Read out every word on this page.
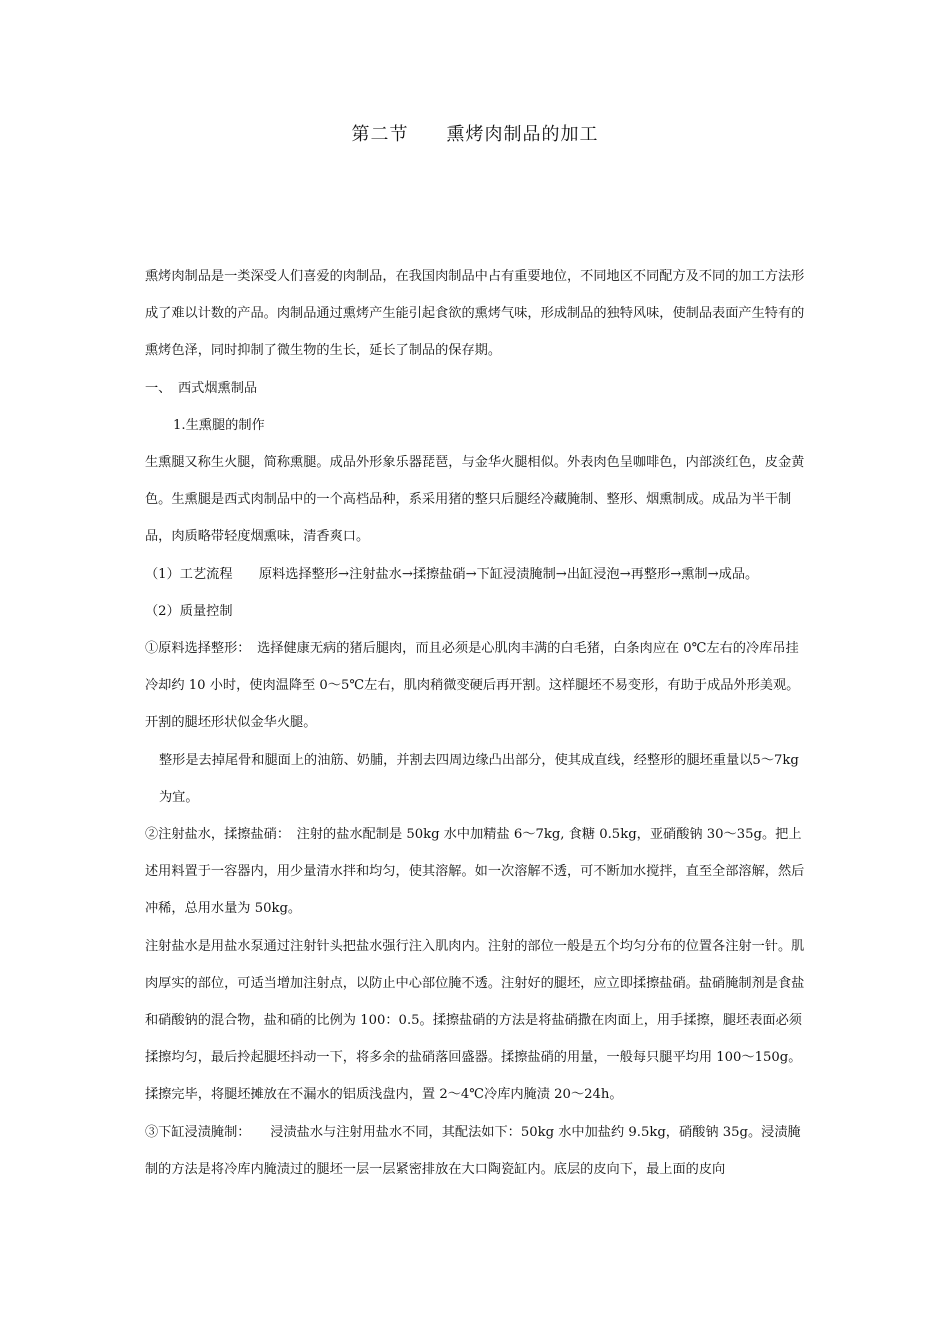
第二节　　熏烤肉制品的加工

熏烤肉制品是一类深受人们喜爱的肉制品，在我国肉制品中占有重要地位，不同地区不同配方及不同的加工方法形成了难以计数的产品。肉制品通过熏烤产生能引起食欲的熏烤气味，形成制品的独特风味，使制品表面产生特有的熏烤色泽，同时抑制了微生物的生长，延长了制品的保存期。

一、　西式烟熏制品

1.生熏腿的制作

生熏腿又称生火腿，简称熏腿。成品外形象乐器琵琶，与金华火腿相似。外表肉色呈咖啡色，内部淡红色，皮金黄色。生熏腿是西式肉制品中的一个高档品种，系采用猪的整只后腿经冷藏腌制、整形、烟熏制成。成品为半干制品，肉质略带轻度烟熏味，清香爽口。

（1）工艺流程　　原料选择整形→注射盐水→揉擦盐硝→下缸浸渍腌制→出缸浸泡→再整形→熏制→成品。

（2）质量控制

①原料选择整形：　选择健康无病的猪后腿肉，而且必须是心肌肉丰满的白毛猪，白条肉应在 0℃左右的冷库吊挂冷却约 10 小时，使肉温降至 0～5℃左右，肌肉稍微变硬后再开割。这样腿坯不易变形，有助于成品外形美观。开割的腿坯形状似金华火腿。

整形是去掉尾骨和腿面上的油筋、奶脯，并割去四周边缘凸出部分，使其成直线，经整形的腿坯重量以5～7kg 为宜。

②注射盐水，揉擦盐硝：　注射的盐水配制是 50kg 水中加精盐 6～7kg, 食糖 0.5kg，亚硝酸钠 30～35g。把上述用料置于一容器内，用少量清水拌和均匀，使其溶解。如一次溶解不透，可不断加水搅拌，直至全部溶解，然后冲稀，总用水量为 50kg。

注射盐水是用盐水泵通过注射针头把盐水强行注入肌肉内。注射的部位一般是五个均匀分布的位置各注射一针。肌肉厚实的部位，可适当增加注射点，以防止中心部位腌不透。注射好的腿坯，应立即揉擦盐硝。盐硝腌制剂是食盐和硝酸钠的混合物，盐和硝的比例为 100：0.5。揉擦盐硝的方法是将盐硝撒在肉面上，用手揉擦，腿坯表面必须揉擦均匀，最后拎起腿坯抖动一下，将多余的盐硝落回盛器。揉擦盐硝的用量，一般每只腿平均用 100～150g。揉擦完毕，将腿坯摊放在不漏水的铝质浅盘内，置 2～4℃冷库内腌渍 20～24h。

③下缸浸渍腌制：　　浸渍盐水与注射用盐水不同，其配法如下：50kg 水中加盐约 9.5kg，硝酸钠 35g。浸渍腌制的方法是将冷库内腌渍过的腿坯一层一层紧密排放在大口陶瓷缸内。底层的皮向下，最上面的皮向
